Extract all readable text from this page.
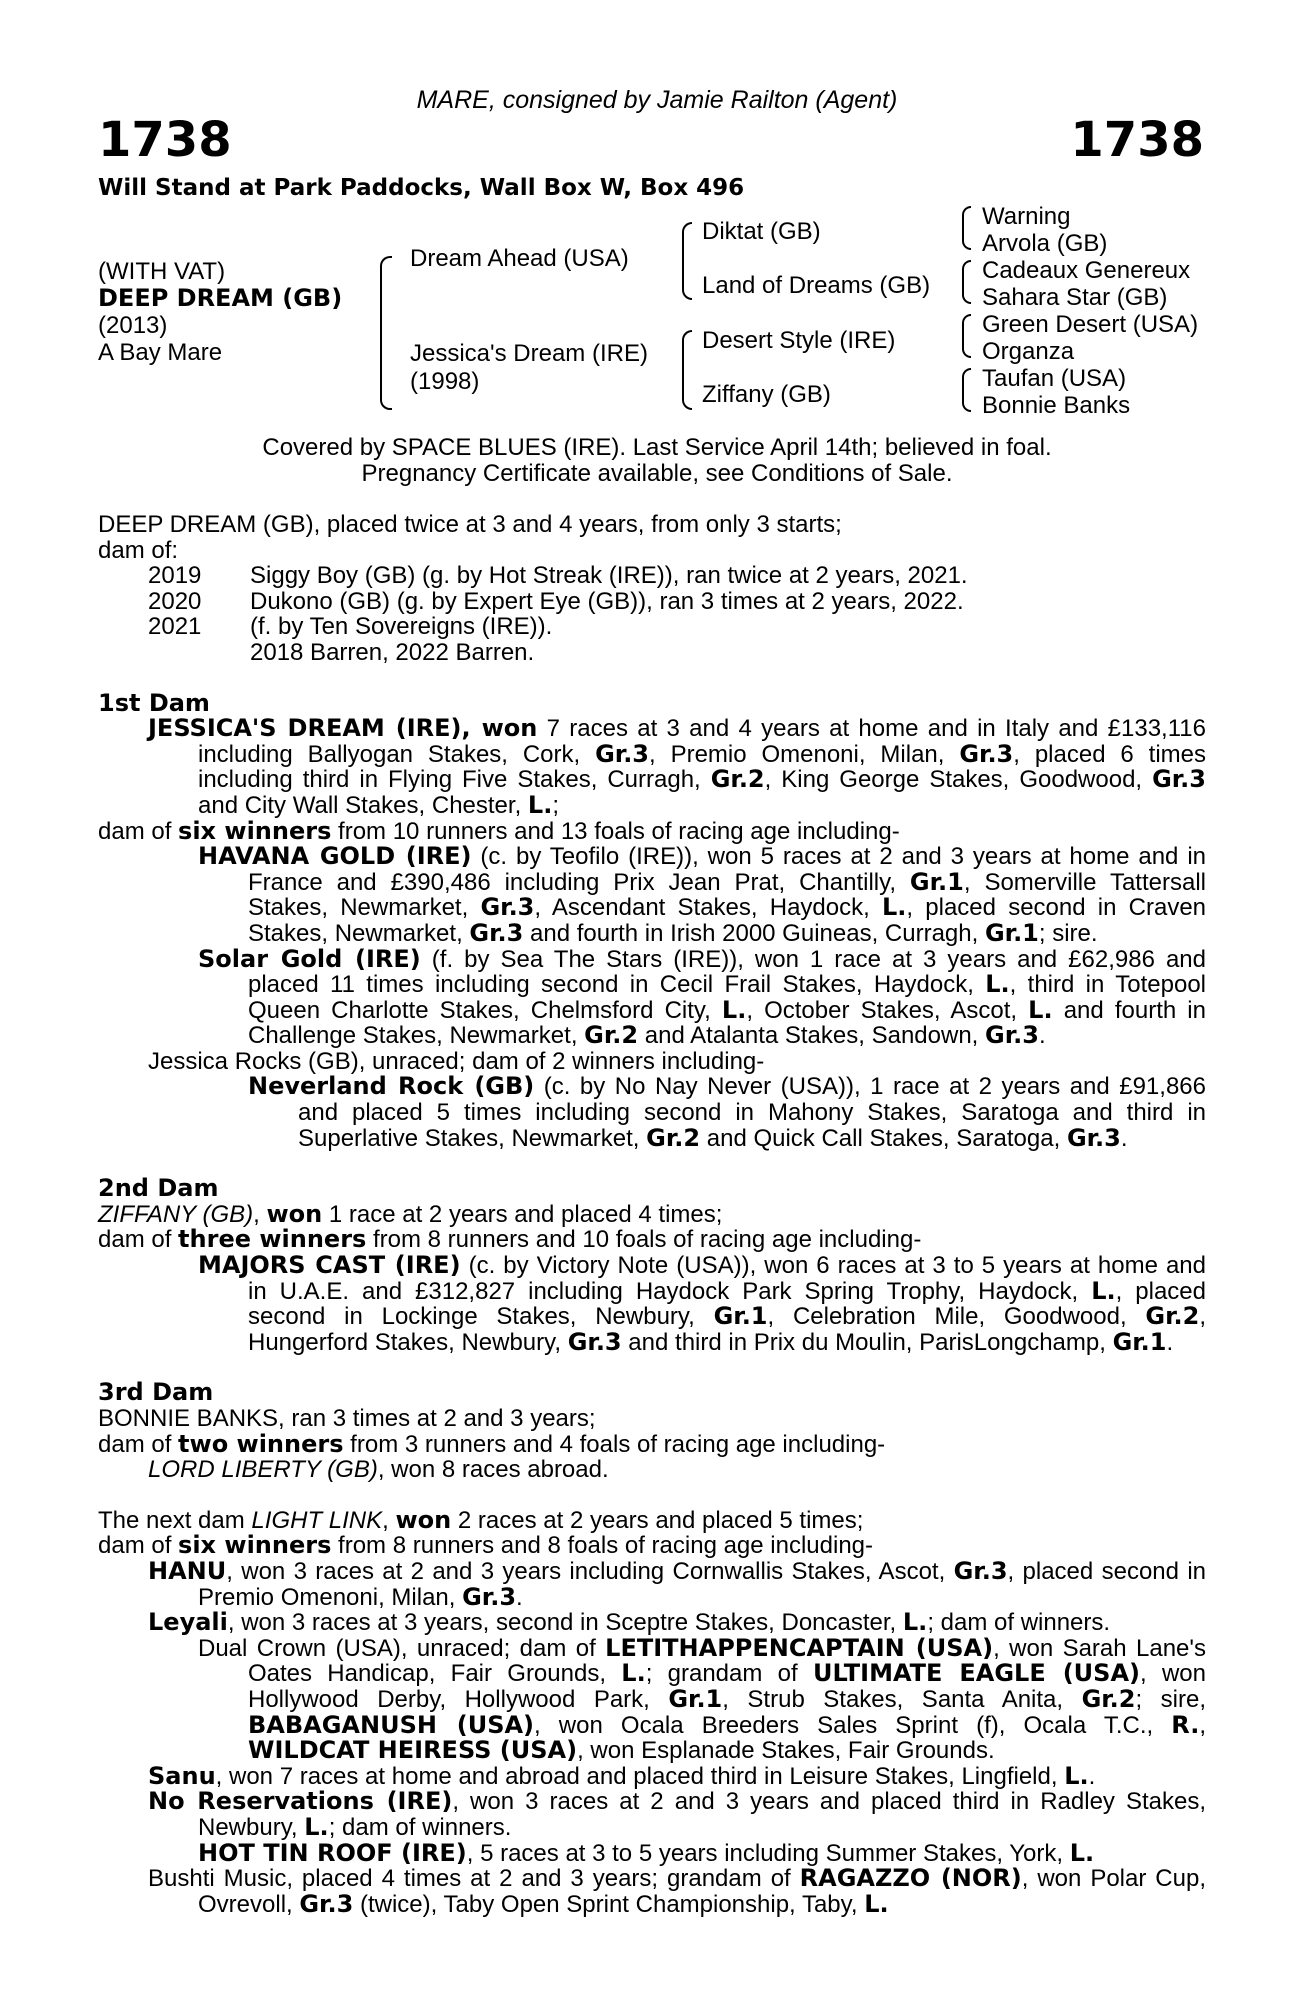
MARE, consigned by Jamie Railton (Agent)
1738	1738
Will Stand at Park Paddocks, Wall Box W, Box 496
(WITH VAT)
DEEP DREAM (GB)
(2013)
A Bay Mare
Dream Ahead (USA)
Jessica's Dream (IRE)
(1998)
Diktat (GB)
Land of Dreams (GB)
Desert Style (IRE)
Ziffany (GB)
Warning
Arvola (GB)
Cadeaux Genereux
Sahara Star (GB)
Green Desert (USA)
Organza
Taufan (USA)
Bonnie Banks
Covered by SPACE BLUES (IRE). Last Service April 14th; believed in foal.
Pregnancy Certificate available, see Conditions of Sale.

DEEP DREAM (GB), placed twice at 3 and 4 years, from only 3 starts;

dam of:

2019	Siggy Boy (GB) (g. by Hot Streak (IRE)), ran twice at 2 years, 2021.
2020	Dukono (GB) (g. by Expert Eye (GB)), ran 3 times at 2 years, 2022.
2021	(f. by Ten Sovereigns (IRE)).
2018 Barren, 2022 Barren.

1st Dam

JESSICA'S DREAM (IRE), won 7 races at 3 and 4 years at home and in Italy and £133,116 including Ballyogan Stakes, Cork, Gr.3, Premio Omenoni, Milan, Gr.3, placed 6 times including third in Flying Five Stakes, Curragh, Gr.2, King George Stakes, Goodwood, Gr.3 and City Wall Stakes, Chester, L.;

dam of six winners from 10 runners and 13 foals of racing age including-

HAVANA GOLD (IRE) (c. by Teofilo (IRE)), won 5 races at 2 and 3 years at home and in France and £390,486 including Prix Jean Prat, Chantilly, Gr.1, Somerville Tattersall Stakes, Newmarket, Gr.3, Ascendant Stakes, Haydock, L., placed second in Craven Stakes, Newmarket, Gr.3 and fourth in Irish 2000 Guineas, Curragh, Gr.1; sire.

Solar Gold (IRE) (f. by Sea The Stars (IRE)), won 1 race at 3 years and £62,986 and placed 11 times including second in Cecil Frail Stakes, Haydock, L., third in Totepool Queen Charlotte Stakes, Chelmsford City, L., October Stakes, Ascot, L. and fourth in Challenge Stakes, Newmarket, Gr.2 and Atalanta Stakes, Sandown, Gr.3.

Jessica Rocks (GB), unraced; dam of 2 winners including-

Neverland Rock (GB) (c. by No Nay Never (USA)), 1 race at 2 years and £91,866 and placed 5 times including second in Mahony Stakes, Saratoga and third in Superlative Stakes, Newmarket, Gr.2 and Quick Call Stakes, Saratoga, Gr.3.

2nd Dam

ZIFFANY (GB), won 1 race at 2 years and placed 4 times;

dam of three winners from 8 runners and 10 foals of racing age including-

MAJORS CAST (IRE) (c. by Victory Note (USA)), won 6 races at 3 to 5 years at home and in U.A.E. and £312,827 including Haydock Park Spring Trophy, Haydock, L., placed second in Lockinge Stakes, Newbury, Gr.1, Celebration Mile, Goodwood, Gr.2, Hungerford Stakes, Newbury, Gr.3 and third in Prix du Moulin, ParisLongchamp, Gr.1.

3rd Dam

BONNIE BANKS, ran 3 times at 2 and 3 years;

dam of two winners from 3 runners and 4 foals of racing age including-

LORD LIBERTY (GB), won 8 races abroad.

The next dam LIGHT LINK, won 2 races at 2 years and placed 5 times;

dam of six winners from 8 runners and 8 foals of racing age including-

HANU, won 3 races at 2 and 3 years including Cornwallis Stakes, Ascot, Gr.3, placed second in Premio Omenoni, Milan, Gr.3.

Leyali, won 3 races at 3 years, second in Sceptre Stakes, Doncaster, L.; dam of winners.

Dual Crown (USA), unraced; dam of LETITHAPPENCAPTAIN (USA), won Sarah Lane's Oates Handicap, Fair Grounds, L.; grandam of ULTIMATE EAGLE (USA), won Hollywood Derby, Hollywood Park, Gr.1, Strub Stakes, Santa Anita, Gr.2; sire, BABAGANUSH (USA), won Ocala Breeders Sales Sprint (f), Ocala T.C., R., WILDCAT HEIRESS (USA), won Esplanade Stakes, Fair Grounds.

Sanu, won 7 races at home and abroad and placed third in Leisure Stakes, Lingfield, L..

No Reservations (IRE), won 3 races at 2 and 3 years and placed third in Radley Stakes, Newbury, L.; dam of winners.

HOT TIN ROOF (IRE), 5 races at 3 to 5 years including Summer Stakes, York, L.

Bushti Music, placed 4 times at 2 and 3 years; grandam of RAGAZZO (NOR), won Polar Cup, Ovrevoll, Gr.3 (twice), Taby Open Sprint Championship, Taby, L.
